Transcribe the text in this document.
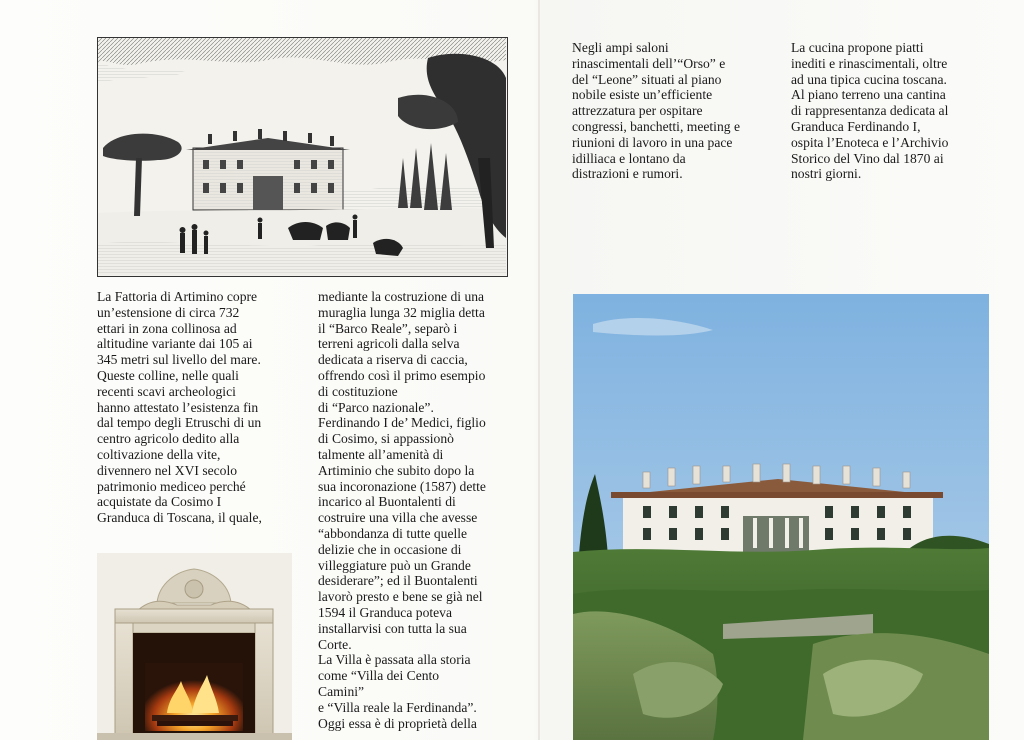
La Fattoria di Artimino copre
un’estensione di circa 732
ettari in zona collinosa ad
altitudine variante dai 105 ai
345 metri sul livello del mare.
Queste colline, nelle quali
recenti scavi archeologici
hanno attestato l’esistenza fin
dal tempo degli Etruschi di un
centro agricolo dedito alla
coltivazione della vite,
divennero nel XVI secolo
patrimonio mediceo perché
acquistate da Cosimo I
Granduca di Toscana, il quale,
mediante la costruzione di una
muraglia lunga 32 miglia detta
il “Barco Reale”, separò i
terreni agricoli dalla selva
dedicata a riserva di caccia,
offrendo così il primo esempio
di costituzione
di “Parco nazionale”.
Ferdinando I de’ Medici, figlio
di Cosimo, si appassionò
talmente all’amenità di
Artiminio che subito dopo la
sua incoronazione (1587) dette
incarico al Buontalenti di
costruire una villa che avesse
“abbondanza di tutte quelle
delizie che in occasione di
villeggiature può un Grande
desiderare”; ed il Buontalenti
lavorò presto e bene se già nel
1594 il Granduca poteva
installarvisi con tutta la sua
Corte.
La Villa è passata alla storia
come “Villa dei Cento
Camini”
e “Villa reale la Ferdinanda”.
Oggi essa è di proprietà della
Negli ampi saloni
rinascimentali dell’“Orso” e
del “Leone” situati al piano
nobile esiste un’efficiente
attrezzatura per ospitare
congressi, banchetti, meeting e
riunioni di lavoro in una pace
idilliaca e lontano da
distrazioni e rumori.
La cucina propone piatti
inediti e rinascimentali, oltre
ad una tipica cucina toscana.
Al piano terreno una cantina
di rappresentanza dedicata al
Granduca Ferdinando I,
ospita l’Enoteca e l’Archivio
Storico del Vino dal 1870 ai
nostri giorni.
